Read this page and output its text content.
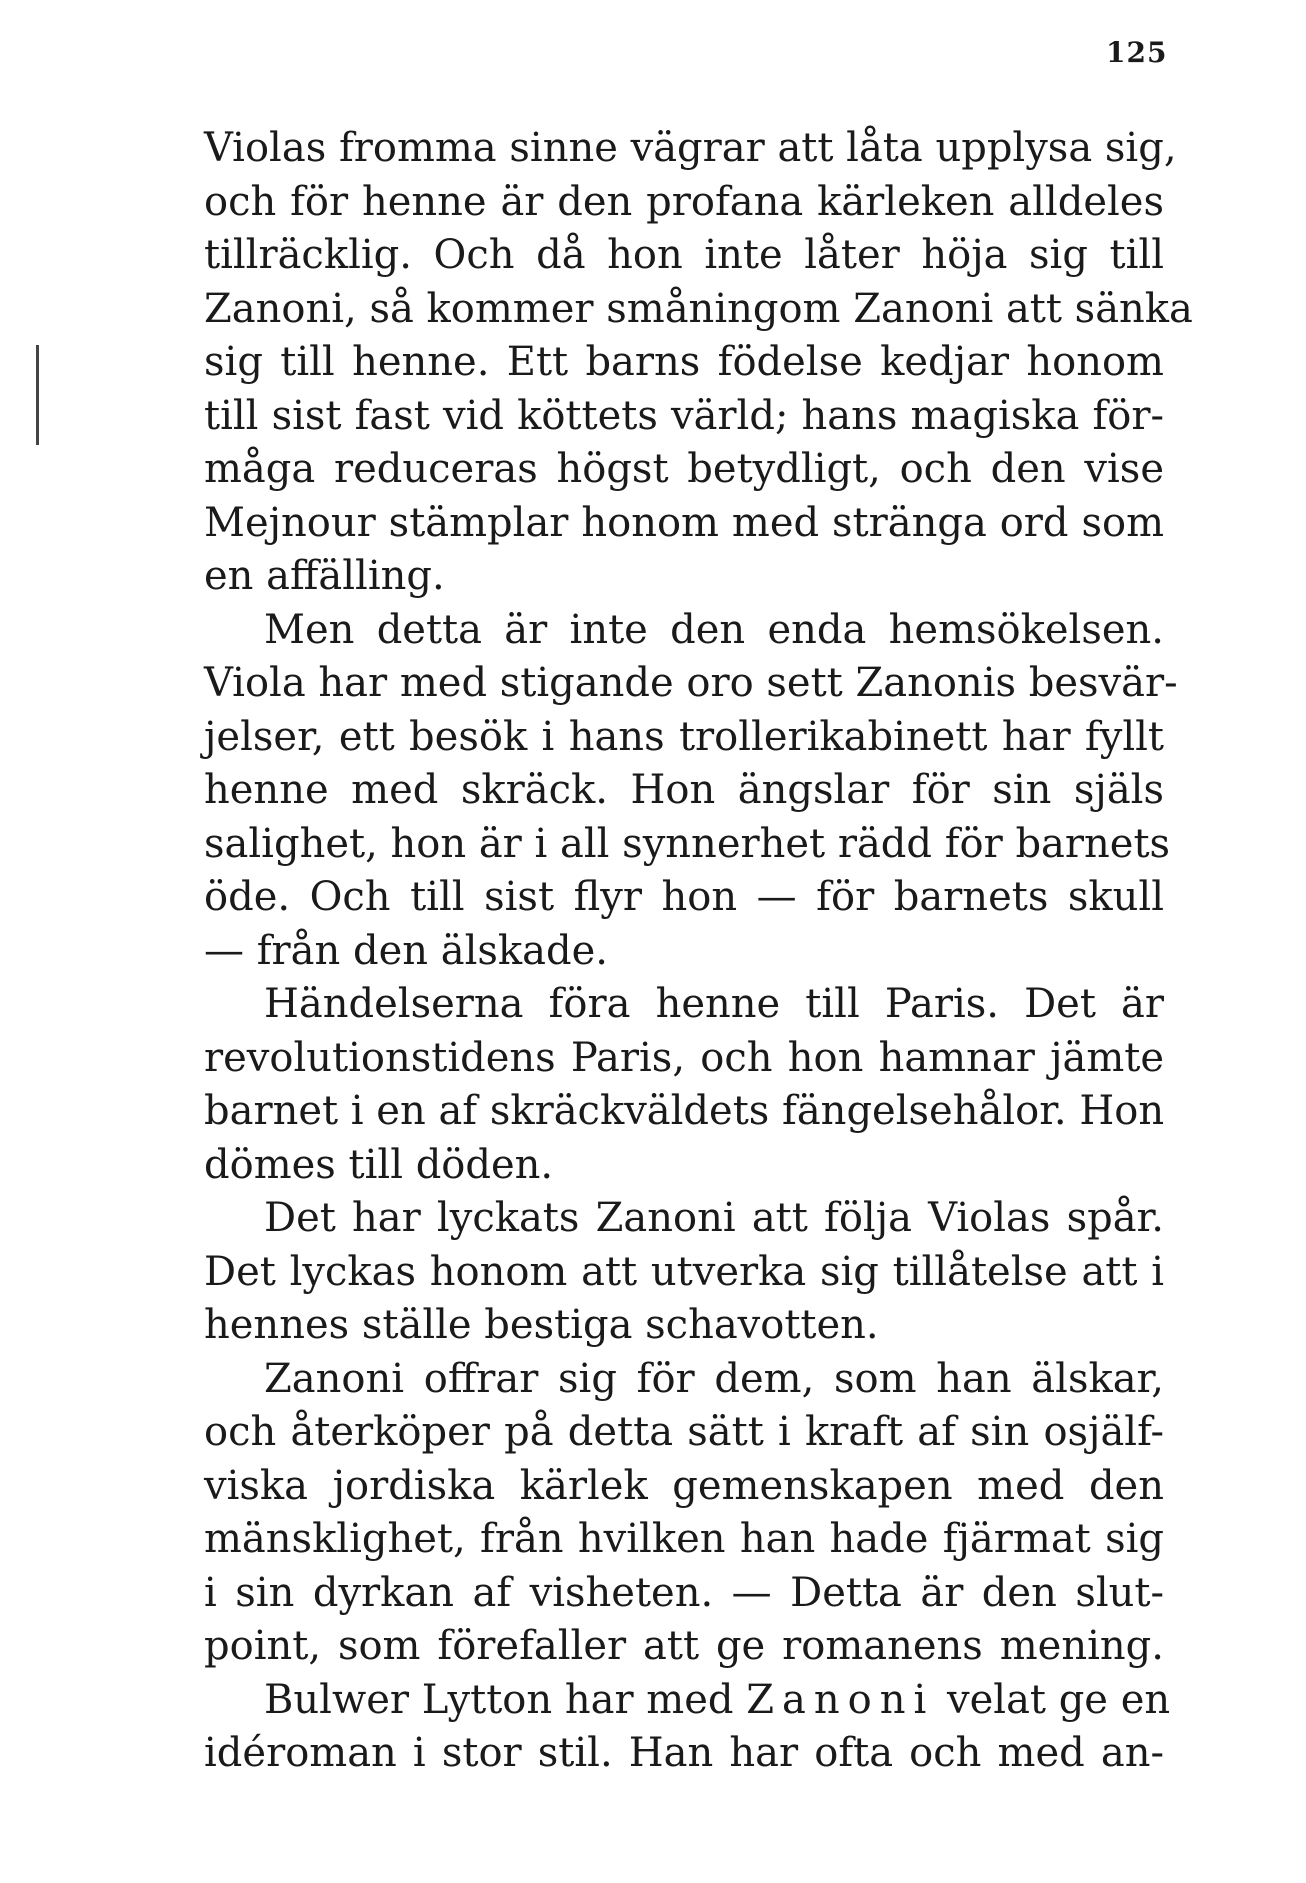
125
Violas fromma sinne vägrar att låta upplysa sig,
och för henne är den profana kärleken alldeles
tillräcklig. Och då hon inte låter höja sig till
Zanoni, så kommer småningom Zanoni att sänka
sig till henne. Ett barns födelse kedjar honom
till sist fast vid köttets värld; hans magiska för-
måga reduceras högst betydligt, och den vise
Mejnour stämplar honom med stränga ord som
en affälling.
Men detta är inte den enda hemsökelsen.
Viola har med stigande oro sett Zanonis besvär-
jelser, ett besök i hans trollerikabinett har fyllt
henne med skräck. Hon ängslar för sin själs
salighet, hon är i all synnerhet rädd för barnets
öde. Och till sist flyr hon — för barnets skull
— från den älskade.
Händelserna föra henne till Paris. Det är
revolutionstidens Paris, och hon hamnar jämte
barnet i en af skräckväldets fängelsehålor. Hon
dömes till döden.
Det har lyckats Zanoni att följa Violas spår.
Det lyckas honom att utverka sig tillåtelse att i
hennes ställe bestiga schavotten.
Zanoni offrar sig för dem, som han älskar,
och återköper på detta sätt i kraft af sin osjälf-
viska jordiska kärlek gemenskapen med den
mänsklighet, från hvilken han hade fjärmat sig
i sin dyrkan af visheten. — Detta är den slut-
point, som förefaller att ge romanens mening.
Bulwer Lytton har med Zanoni velat ge en
idéroman i stor stil. Han har ofta och med an-
